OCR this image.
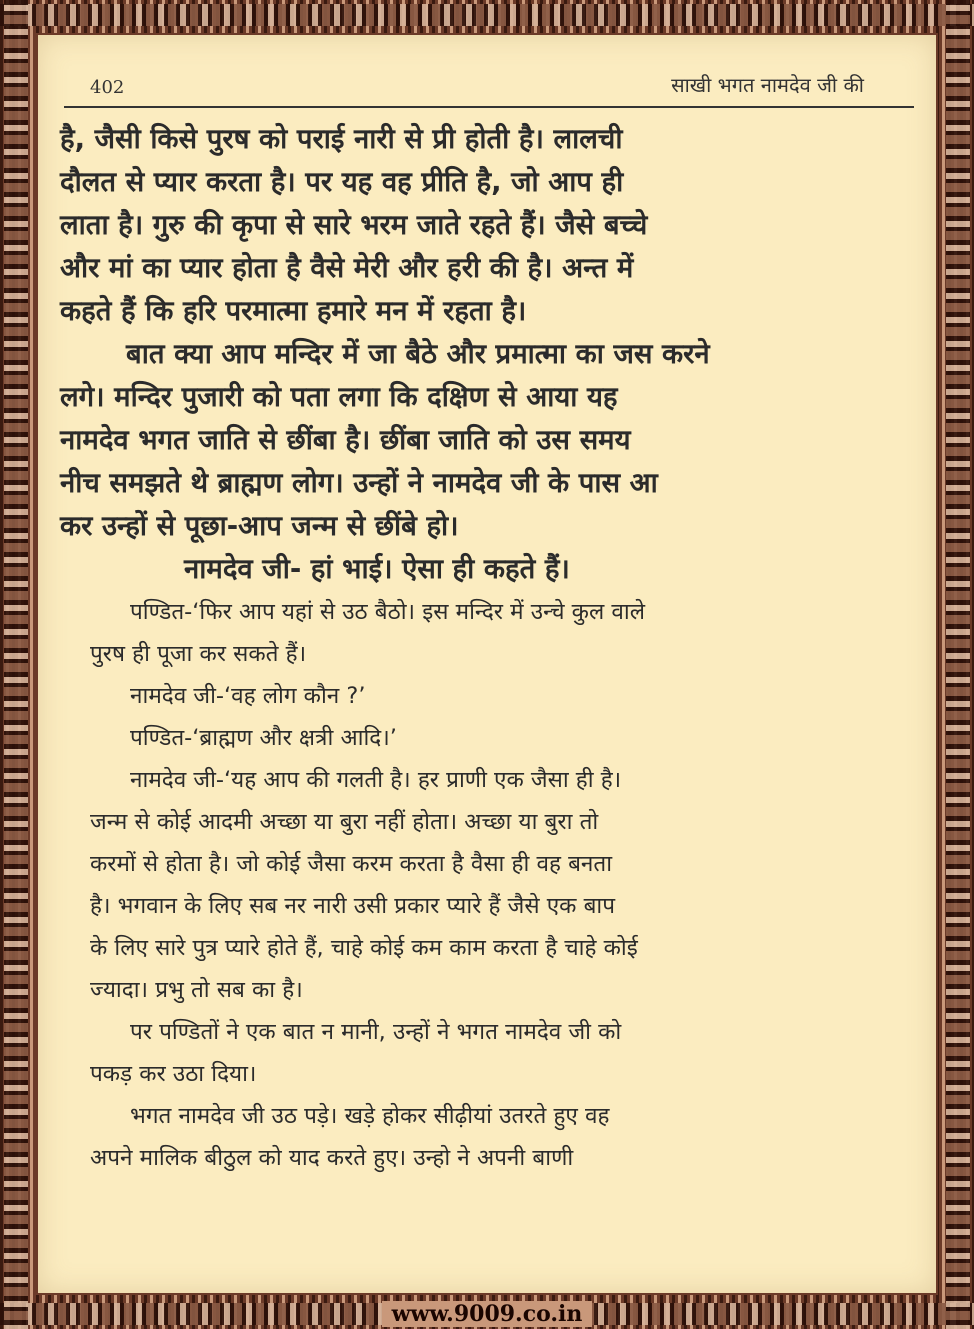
402	साखी भगत नामदेव जी की

है, जैसी किसे पुरष को पराई नारी से प्री होती है। लालची

दौलत से प्यार करता है। पर यह वह प्रीति है, जो आप ही

लाता है। गुरु की कृपा से सारे भरम जाते रहते हैं। जैसे बच्चे

और मां का प्यार होता है वैसे मेरी और हरी की है। अन्त में

कहते हैं कि हरि परमात्मा हमारे मन में रहता है।

बात क्या आप मन्दिर में जा बैठे और प्रमात्मा का जस करने

लगे। मन्दिर पुजारी को पता लगा कि दक्षिण से आया यह

नामदेव भगत जाति से छींबा है। छींबा जाति को उस समय

नीच समझते थे ब्राह्मण लोग। उन्हों ने नामदेव जी के पास आ

कर उन्हों से पूछा-आप जन्म से छींबे हो।

नामदेव जी- हां भाई। ऐसा ही कहते हैं।

पण्डित-‘फिर आप यहां से उठ बैठो। इस मन्दिर में उन्चे कुल वाले

पुरष ही पूजा कर सकते हैं।

नामदेव जी-‘वह लोग कौन ?’

पण्डित-‘ब्राह्मण और क्षत्री आदि।’

नामदेव जी-‘यह आप की गलती है। हर प्राणी एक जैसा ही है।

जन्म से कोई आदमी अच्छा या बुरा नहीं होता। अच्छा या बुरा तो

करमों से होता है। जो कोई जैसा करम करता है वैसा ही वह बनता

है। भगवान के लिए सब नर नारी उसी प्रकार प्यारे हैं जैसे एक बाप

के लिए सारे पुत्र प्यारे होते हैं, चाहे कोई कम काम करता है चाहे कोई

ज्यादा। प्रभु तो सब का है।

पर पण्डितों ने एक बात न मानी, उन्हों ने भगत नामदेव जी को

पकड़ कर उठा दिया।

भगत नामदेव जी उठ पड़े। खड़े होकर सीढ़ीयां उतरते हुए वह

अपने मालिक बीठुल को याद करते हुए। उन्हो ने अपनी बाणी

www.9009.co.in
